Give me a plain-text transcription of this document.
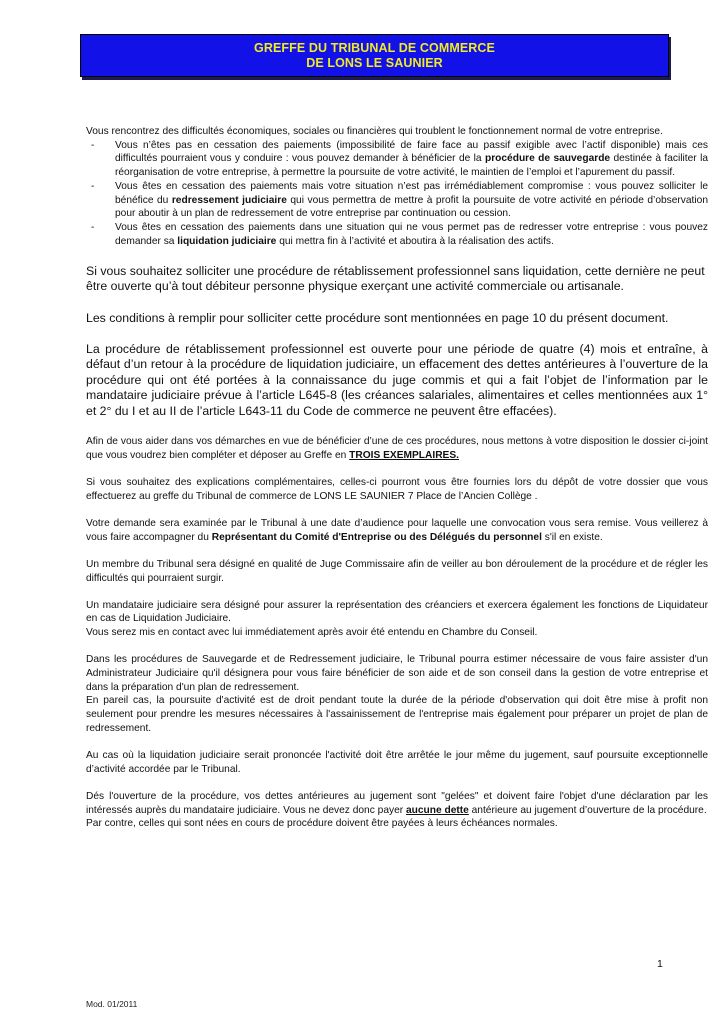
GREFFE DU TRIBUNAL DE COMMERCE
DE LONS LE SAUNIER

Vous rencontrez des difficultés économiques, sociales ou financières qui troublent le fonctionnement normal de votre entreprise.

- Vous n’êtes pas en cessation des paiements (impossibilité de faire face au passif exigible avec l’actif disponible) mais ces difficultés pourraient vous y conduire : vous pouvez demander à bénéficier de la procédure de sauvegarde destinée à faciliter la réorganisation de votre entreprise, à permettre la poursuite de votre activité, le maintien de l’emploi et l’apurement du passif.
- Vous êtes en cessation des paiements mais votre situation n’est pas irrémédiablement compromise : vous pouvez solliciter le bénéfice du redressement judiciaire qui vous permettra de mettre à profit la poursuite de votre activité en période d’observation pour aboutir à un plan de redressement de votre entreprise par continuation ou cession.
- Vous êtes en cessation des paiements dans une situation qui ne vous permet pas de redresser votre entreprise : vous pouvez demander sa liquidation judiciaire qui mettra fin à l’activité et aboutira à la réalisation des actifs.

Si vous souhaitez solliciter une procédure de rétablissement professionnel sans liquidation, cette dernière ne peut être ouverte qu’à tout débiteur personne physique exerçant une activité commerciale ou artisanale.

Les conditions à remplir pour solliciter cette procédure sont mentionnées en page 10 du présent document.

La procédure de rétablissement professionnel est ouverte pour une période de quatre (4) mois et entraîne, à défaut d’un retour à la procédure de liquidation judiciaire, un effacement des dettes antérieures à l’ouverture de la procédure qui ont été portées à la connaissance du juge commis et qui a fait l’objet de l’information par le mandataire judiciaire prévue à l’article L645-8 (les créances salariales, alimentaires et celles mentionnées aux 1° et 2° du I et au II de l’article L643-11 du Code de commerce ne peuvent être effacées).

Afin de vous aider dans vos démarches en vue de bénéficier d’une de ces procédures, nous mettons à votre disposition le dossier ci-joint que vous voudrez bien compléter et déposer au Greffe en TROIS EXEMPLAIRES.

Si vous souhaitez des explications complémentaires, celles-ci pourront vous être fournies lors du dépôt de votre dossier que vous effectuerez au greffe du Tribunal de commerce de LONS LE SAUNIER 7 Place de l’Ancien Collège .

Votre demande sera examinée par le Tribunal à une date d’audience pour laquelle une convocation vous sera remise. Vous veillerez à vous faire accompagner du Représentant du Comité d'Entreprise ou des Délégués du personnel s'il en existe.

Un membre du Tribunal sera désigné en qualité de Juge Commissaire afin de veiller au bon déroulement de la procédure et de régler les difficultés qui pourraient surgir.

Un mandataire judiciaire sera désigné pour assurer la représentation des créanciers et exercera également les fonctions de Liquidateur en cas de Liquidation Judiciaire.

Vous serez mis en contact avec lui immédiatement après avoir été entendu en Chambre du Conseil.

Dans les procédures de Sauvegarde et de Redressement judiciaire, le Tribunal pourra estimer nécessaire de vous faire assister d'un Administrateur Judiciaire qu'il désignera pour vous faire bénéficier de son aide et de son conseil dans la gestion de votre entreprise et dans la préparation d'un plan de redressement.

En pareil cas, la poursuite d'activité est de droit pendant toute la durée de la période d'observation qui doit être mise à profit non seulement pour prendre les mesures nécessaires à l'assainissement de l'entreprise mais également pour préparer un projet de plan de redressement.

Au cas où la liquidation judiciaire serait prononcée l'activité doit être arrêtée le jour même du jugement, sauf poursuite exceptionnelle d’activité accordée par le Tribunal.

Dés l'ouverture de la procédure, vos dettes antérieures au jugement sont "gelées" et doivent faire l'objet d'une déclaration par les intéressés auprès du mandataire judiciaire. Vous ne devez donc payer aucune dette antérieure au jugement d’ouverture de la procédure.

Par contre, celles qui sont nées en cours de procédure doivent être payées à leurs échéances normales.

1
Mod. 01/2011
